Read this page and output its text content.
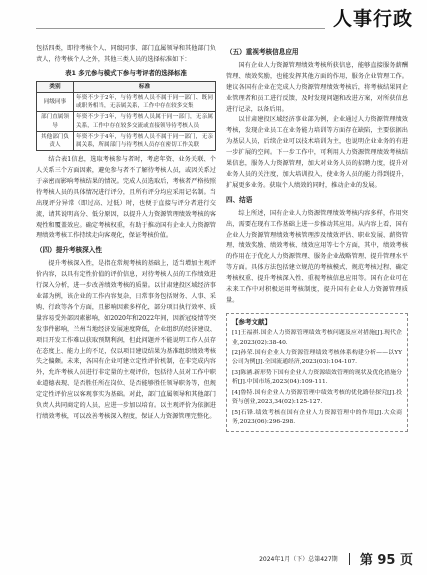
人事行政

包括四类，即待考核个人、同级同事、部门直属领导和其他部门负责人，待考核个人之外，其他三类人员的选择标准如下：

表1 多元参与模式下参与考评者的选择标准
类别	标准
同级同事	年资不少于2年，与待考核人员不属于同一部门、既同或职务相当，无亲属关系，工作中存在较多交集
部门直属领导	年资不少于3年，与待考核人员属于同一部门，无亲属关系，工作中存在较多交流或直接领导待考核人员
其他部门负责人	年资不少于4年，与待考核人员不属于同一部门，无亲属关系，所属部门与待考核人员存在密切工作关联

结合表1信息，选取考核参与者时，考虑年资、业务关联、个人关系三个方面因素，避免参与者不了解待考核人员，或因关系过于亲密而影响考核结果的情况。完成人员选取后，考核者严格按照待考核人员的具体情况进行评分，且所有评分均应采用记名制。当出现评分异常（即过高、过低）时，也便于直接与评分者进行交流，请其说明高分、低分原因，以提升人力资源管理绩效考核的客观性和覆盖效应。确定考核权重，有助于推动国有企业人力资源管理绩效考核工作持续走向客观化，保证考核价值。

（四）提升考核深入性

提升考核深入性，是指在常规考核的基础上，适当增加主观评价内容，以具有定性价值的评价信息，对待考核人员的工作绩效进行深入分析，进一步改善绩效考核的质量。以甘肃建投区域经济事业部为例，该企业的工作内容复杂，日常事务包括财务、人事、采购、行政等各个方面，且影响因素多样化，部分项目执行效率、质量容易受外部因素影响，如2020年和2022年间，因新冠疫情等突发事件影响，兰州当地经济发展速度降低，企业组织的经济建设、项目开发工作难以获取预期利润，但此问题并不能说明工作人员存在态度上、能力上的不足，仅以项目建设结果为基准组织绩效考核失之偏颇。未来，各国有企业可建立定性评价机制，在非完成内容外，允许考核人员进行非定量的主观评价，包括待人员对工作中职业道德表现、是否胜任所在岗位、是否能够胜任领导职务等，但规定定性评价应以客观事实为基础。对此，部门直属领导和其他部门负责人共同商定的人员，应进一步加以培育。以主观评价为依据进行绩效考核，可以改善考核深入程度，保证人力资源管理完整化。

（五）重视考核信息应用

国有企业人力资源管理绩效考核所获信息，能够直接服务薪酬管理、绩效奖励，也能发挥其他方面的作用，服务企业管理工作。建议各国有企业在完成人力资源管理绩效考核后，将考核结果同企业管理者和员工进行反馈，及时发现问题和改进方案，对所获信息进行记录，以备后用。

以甘肃建投区域经济事业部为例，企业通过人力资源管理绩效考核，发现企业员工在业务能力培训等方面存在缺陷，主要依据出为基层人员，后续企业可以技术培训为主，也说明企业业务的有进一步扩展的空间。下一步工作中，可利用人力资源管理绩效考核结果信息，服务人力资源管理，加大对业务人员的招聘力度，提升对业务人员的关注度，加大培训投入，使业务人员的能力得到提升，扩展更多业务。获取个人绩效的同时，推动企业的发展。

四、结语

综上所述，国有企业人力资源管理绩效考核内容多样，作用突出，需要在现有工作基础上进一步推动其应用。从内容上看，国有企业人力资源管理绩效考核管理涉及绩效评估、职业发展、薪资管理、绩效奖励、绩效考核、绩效应用等七个方面，其中，绩效考核的作用在于优化人力资源管理、服务企业战略管理、提升管理水平等方面。具体方法包括建立规范的考核模式、规范考核过程、确定考核权重、提升考核深入性、重视考核信息应用等。国有企业可在未来工作中对积极运用考核制度，提升国有企业人力资源管理质量。

【参考文献】

[1]王福祺.国企人力资源管理绩效考核问题及应对措施[J].现代企业,2023(02):38-40.

[2]孙荣.国有企业人力资源管理绩效考核体系构建分析——以YY公司为例[J].全国流通经济,2023(03):104-107.

[3]陈涵.新形势下国有企业人力资源绩效管理的现状及优化措施分析[J].中国市场,2023(04):109-111.

[4]鲁特.国有企业人力资源管理中绩效考核的优化路径探究[J].投资与创业,2023,34(02):125-127.

[5]石锋.绩效考核在国有企业人力资源管理中的作用[J].大众商务,2023(06):296-298.

2024年1月（下）总第427期 第 95 页
